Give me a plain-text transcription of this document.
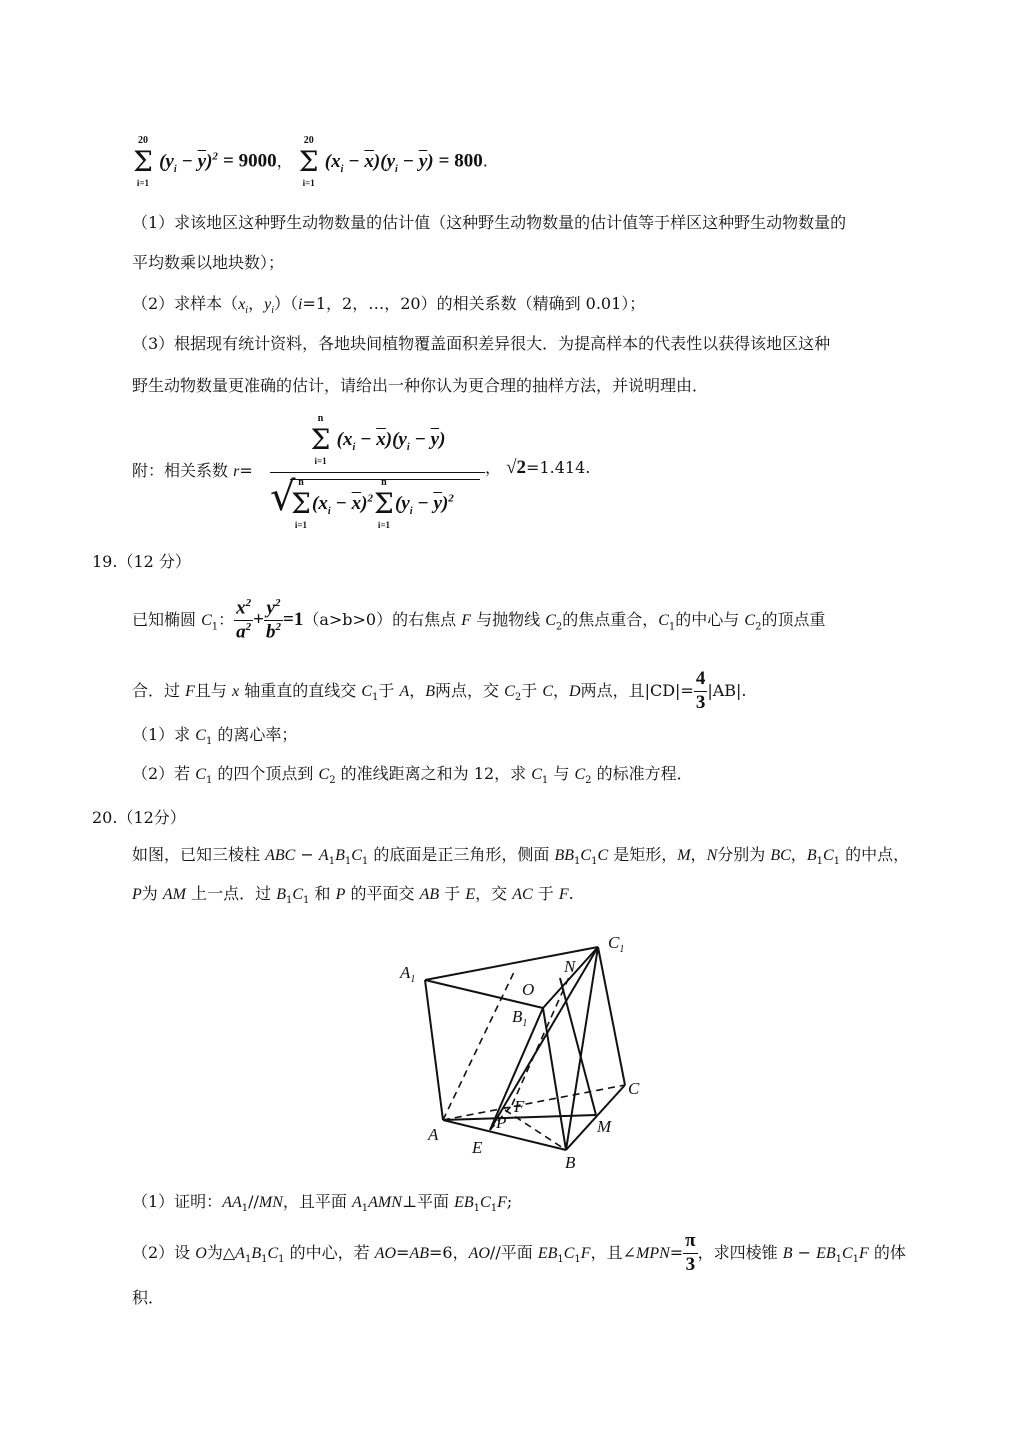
Σ
20
i=1
$(y_i - \overline{y})^2 = 9000$， Σ
20
i=1
$(x_i - \overline{x})(y_i - \overline{y}) = 800$.
（1）求该地区这种野生动物数量的估计值（这种野生动物数量的估计值等于样区这种野生动物数量的
平均数乘以地块数）；
（2）求样本（$x_i$，$y_i)(i=1$，2，…，20）的相关系数（精确到 0.01）；
（3）根据现有统计资料，各地块间植物覆盖面积差异很大．为提高样本的代表性以获得该地区这种
野生动物数量更准确的估计，请给出一种你认为更合理的抽样方法，并说明理由．
附：相关系数 r=
Σ
n
i=1
$(x_i - \overline{x})(y_i - \overline{y})$
√
Σ
n
i=1
$(x_i - \overline{x})^2\Sigma$
n
i=1
$(y_i - \overline{y})^2$
， √2=1.414.
19.（12 分）
已知椭圆 $C_1$： $\frac{x^2}{a^2} + \frac{y^2}{b^2} =1(a>b>0)$的右焦点 F 与抛物线 $C_2$的焦点重合，$C_1$的中心与 $C_2$的顶点重
合．过 F且与 x 轴重直的直线交 $C_1$于 A，B两点，交 $C_2$于 C，D两点，且$|CD|= \frac{4}{3} |AB|$.
（1）求 $C_1$ 的离心率；
（2）若 $C_1$ 的四个顶点到 $C_2$ 的准线距离之和为 12，求 $C_1$ 与 $C_2$ 的标准方程．
20.（12分）
如图，已知三棱柱 ABC − $A_1B_1C_1$ 的底面是正三角形，侧面 $BB_1C_1C$ 是矩形，M，N分别为 BC，$B_1C_1$ 的中点，
P为 AM 上一点．过 $B_1C_1$ 和 P 的平面交 AB 于 E，交 AC 于 F.
$A_1$
O
N
$C_1$
$B_1$
C
F
A
P	M
E
B
（1）证明：$AA_1//MN$，且平面 $A_1AMN\perp$平面 $EB_1C_1F$;
（2）设 O为$\triangle A_1B_1C_1$ 的中心，若 AO=AB=6，AO//平面 $EB_1C_1F$，且∠MPN= $\frac{\pi}{3}$ ，求四棱锥 $B - EB_1C_1F$ 的体
积．
